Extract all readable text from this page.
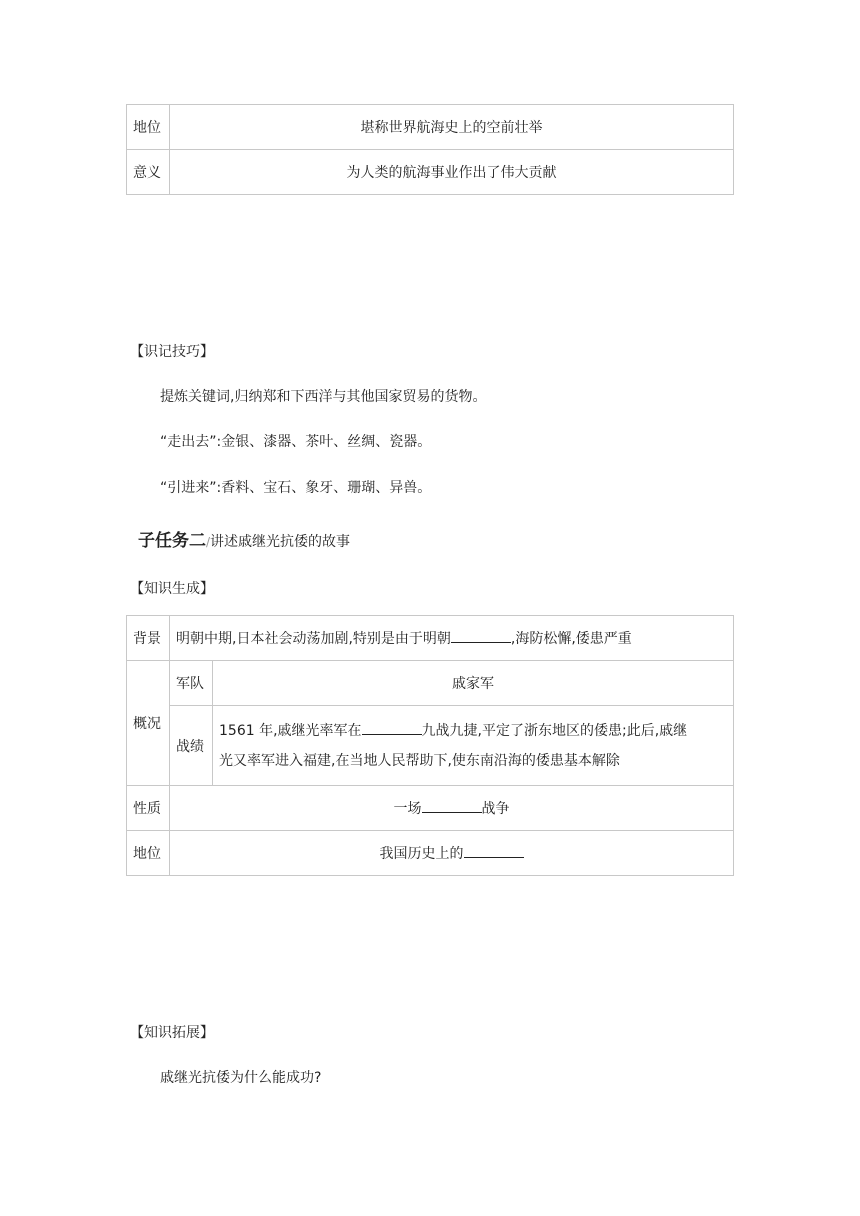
地位	堪称世界航海史上的空前壮举
意义	为人类的航海事业作出了伟大贡献
【识记技巧】
提炼关键词,归纳郑和下西洋与其他国家贸易的货物。
“走出去”:金银、漆器、茶叶、丝绸、瓷器。
“引进来”:香料、宝石、象牙、珊瑚、异兽。
子任务二/讲述戚继光抗倭的故事
【知识生成】
背景	明朝中期,日本社会动荡加剧,特别是由于明朝 ,海防松懈,倭患严重	
概况	军队	戚家军
	战绩	1561 年,戚继光率军在 九战九捷,平定了浙东地区的倭患;此后,戚继
光又率军进入福建,在当地人民帮助下,使东南沿海的倭患基本解除
性质	一场 战争	
地位	我国历史上的	
【知识拓展】
戚继光抗倭为什么能成功?
